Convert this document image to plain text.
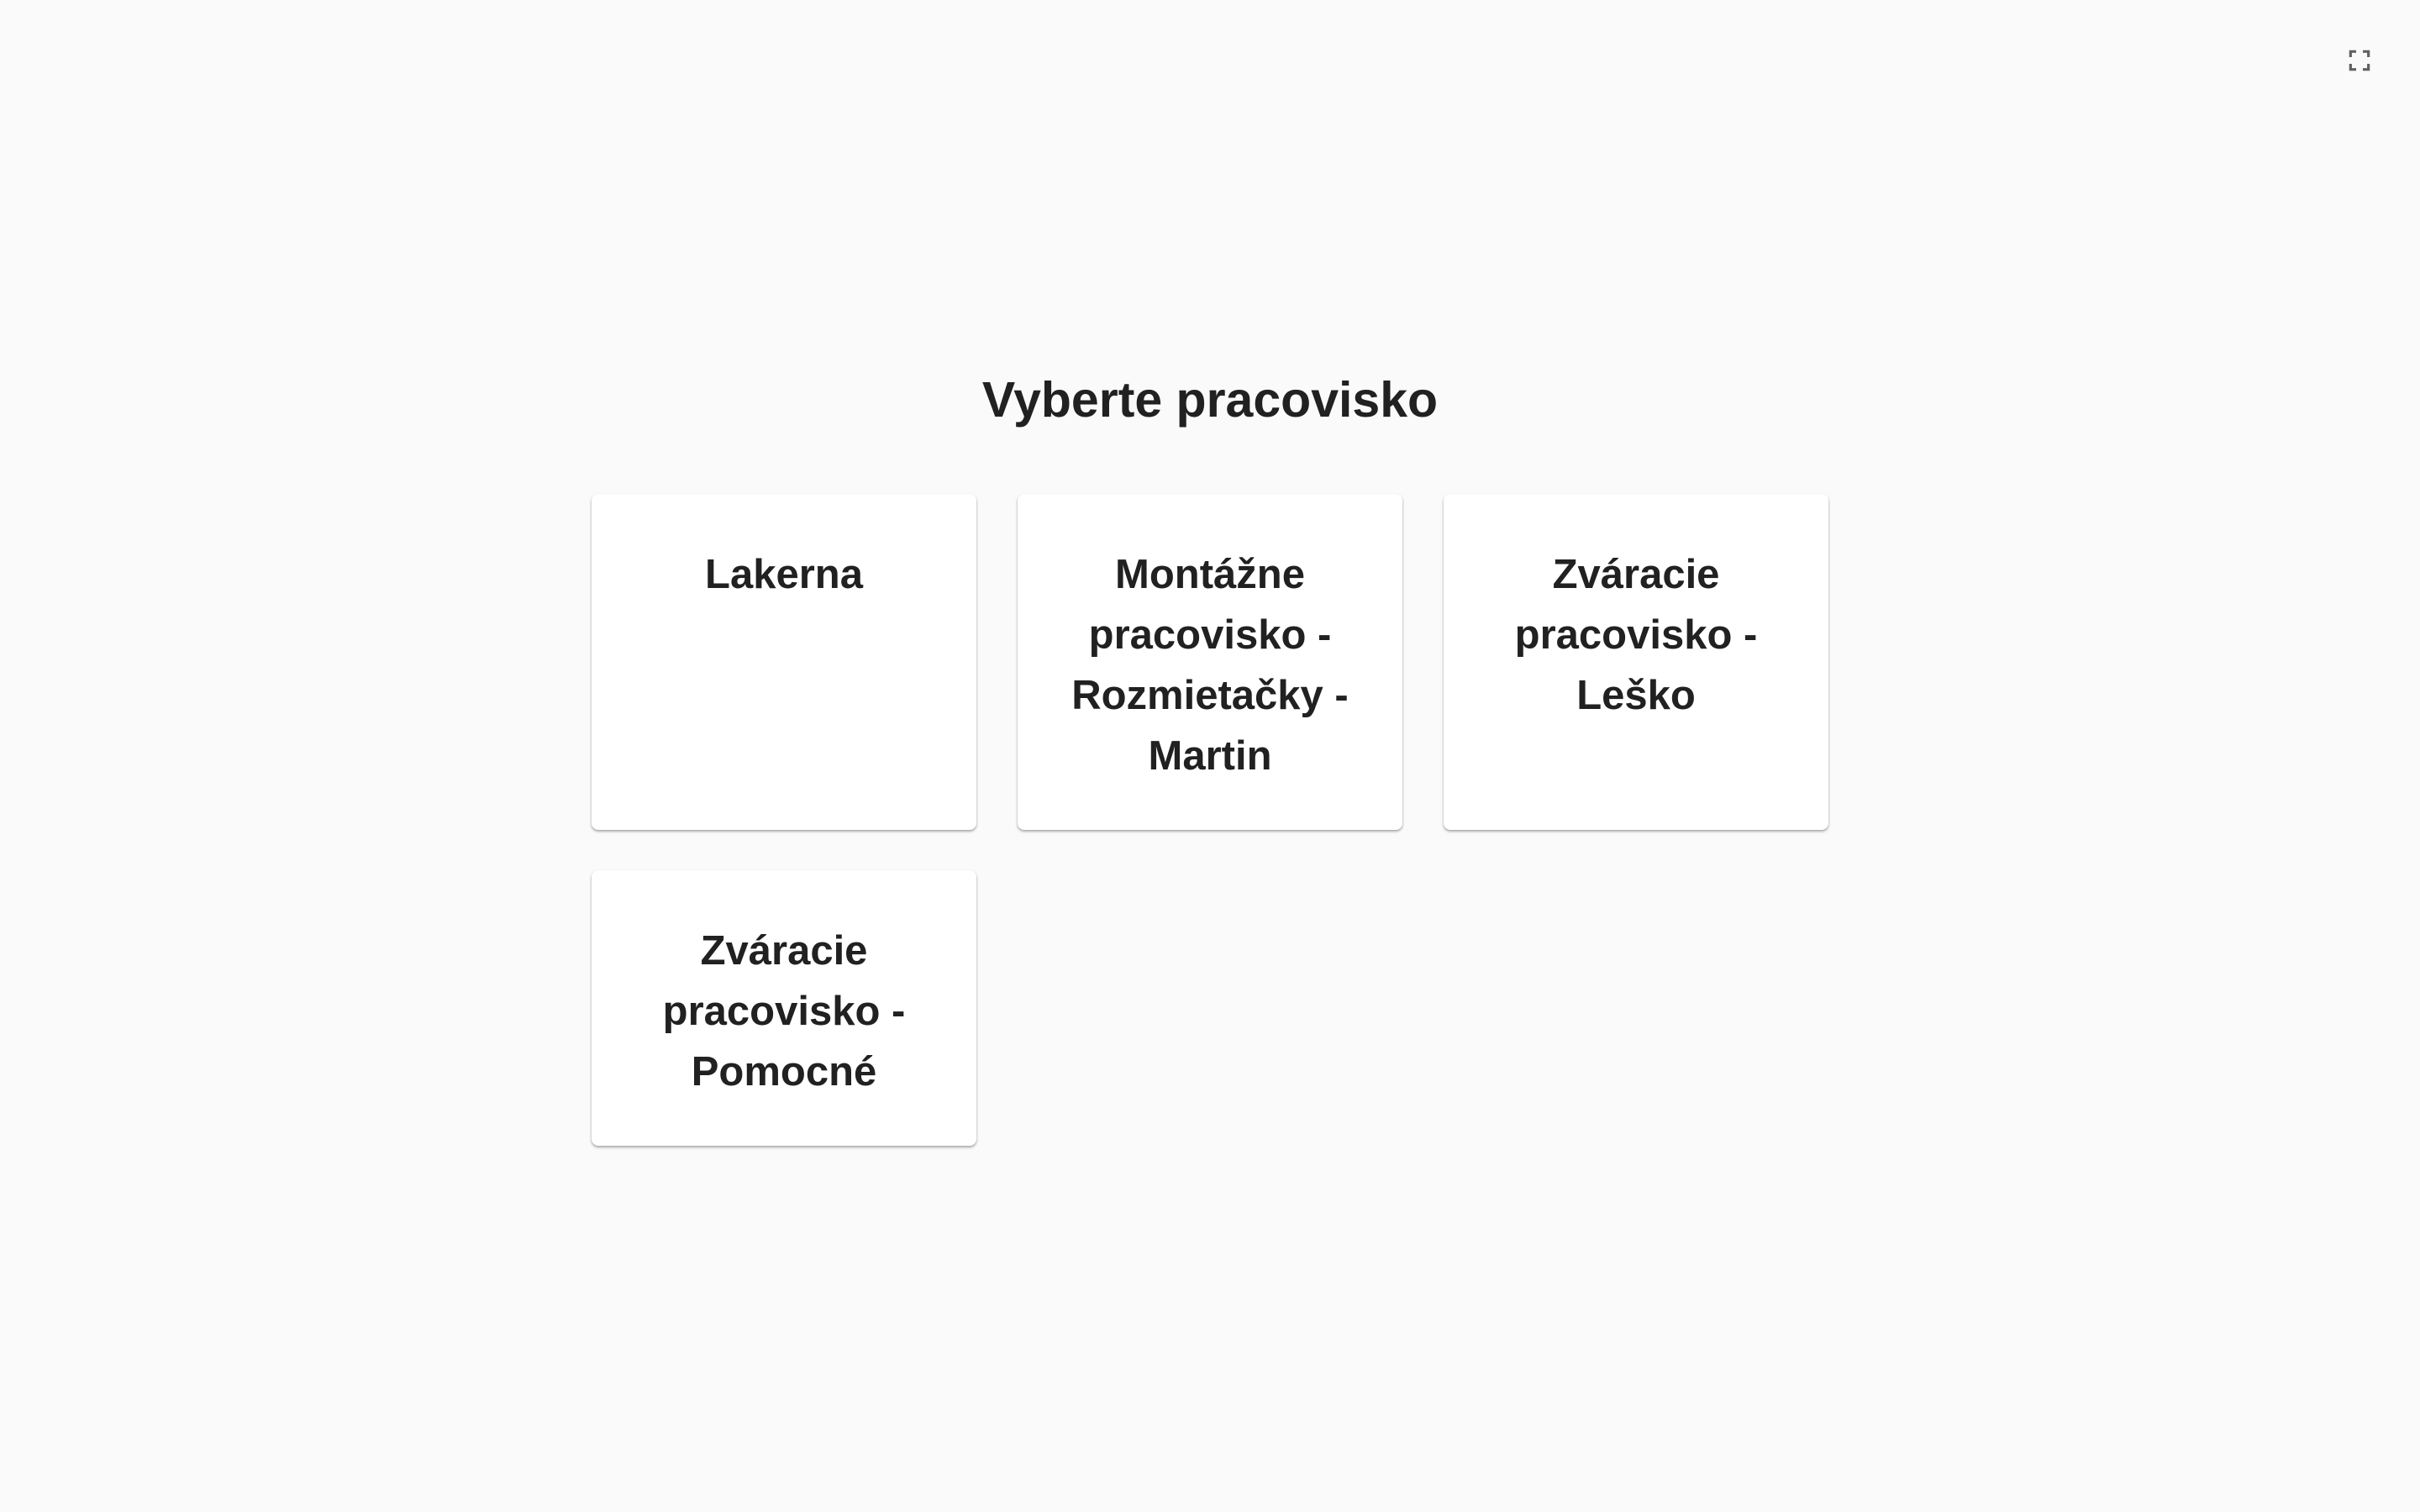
Vyberte pracovisko
Lakerna	Montážne pracovisko - Rozmietačky - Martin
Zváracie pracovisko - Leško
Zváracie pracovisko - Pomocné
